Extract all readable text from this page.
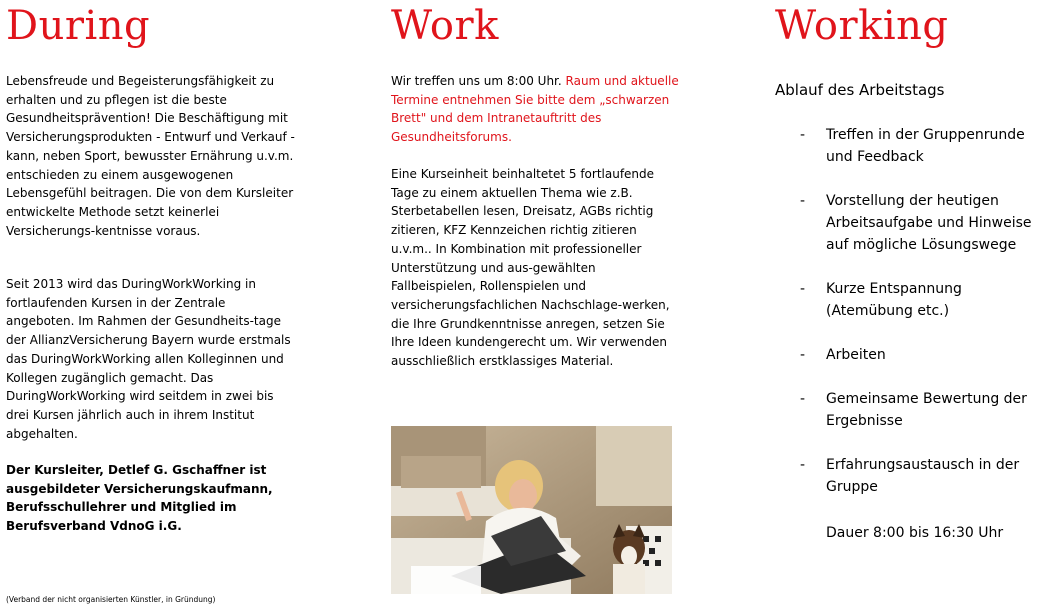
During

Lebensfreude und Begeisterungsfähigkeit zu erhalten und zu pflegen ist die beste Gesundheitsprävention! Die Beschäftigung mit Versicherungsprodukten - Entwurf und Verkauf - kann, neben Sport, bewusster Ernährung u.v.m. entschieden zu einem ausgewogenen Lebensgefühl beitragen. Die von dem Kursleiter entwickelte Methode setzt keinerlei Versicherungs-kentnisse voraus.

Seit 2013 wird das DuringWorkWorking in fortlaufenden Kursen in der Zentrale angeboten. Im Rahmen der Gesundheits-tage der AllianzVersicherung Bayern wurde erstmals das DuringWorkWorking allen Kolleginnen und Kollegen zugänglich gemacht. Das DuringWorkWorking wird seitdem in zwei bis drei Kursen jährlich auch in ihrem Institut abgehalten.

Der Kursleiter, Detlef G. Gschaffner ist ausgebildeter Versicherungskaufmann, Berufsschullehrer und Mitglied im Berufsverband VdnoG i.G.

(Verband der nicht organisierten Künstler, in Gründung)

Work

Wir treffen uns um 8:00 Uhr. Raum und aktuelle Termine entnehmen Sie bitte dem „schwarzen Brett" und dem Intranetauftritt des Gesundheitsforums.

Eine Kurseinheit beinhaltetet 5 fortlaufende Tage zu einem aktuellen Thema wie z.B. Sterbetabellen lesen, Dreisatz, AGBs richtig zitieren, KFZ Kennzeichen richtig zitieren u.v.m.. In Kombination mit professioneller Unterstützung und aus-gewählten Fallbeispielen, Rollenspielen und versicherungsfachlichen Nachschlage-werken, die Ihre Grundkenntnisse anregen, setzen Sie Ihre Ideen kundengerecht um. Wir verwenden ausschließlich erstklassiges Material.

Working

Ablauf des Arbeitstags

- Treffen in der Gruppenrunde und Feedback
- Vorstellung der heutigen Arbeitsaufgabe und Hinweise auf mögliche Lösungswege
- Kurze Entspannung (Atemübung etc.)
- Arbeiten
- Gemeinsame Bewertung der Ergebnisse
- Erfahrungsaustausch in der Gruppe

Dauer 8:00 bis 16:30 Uhr
